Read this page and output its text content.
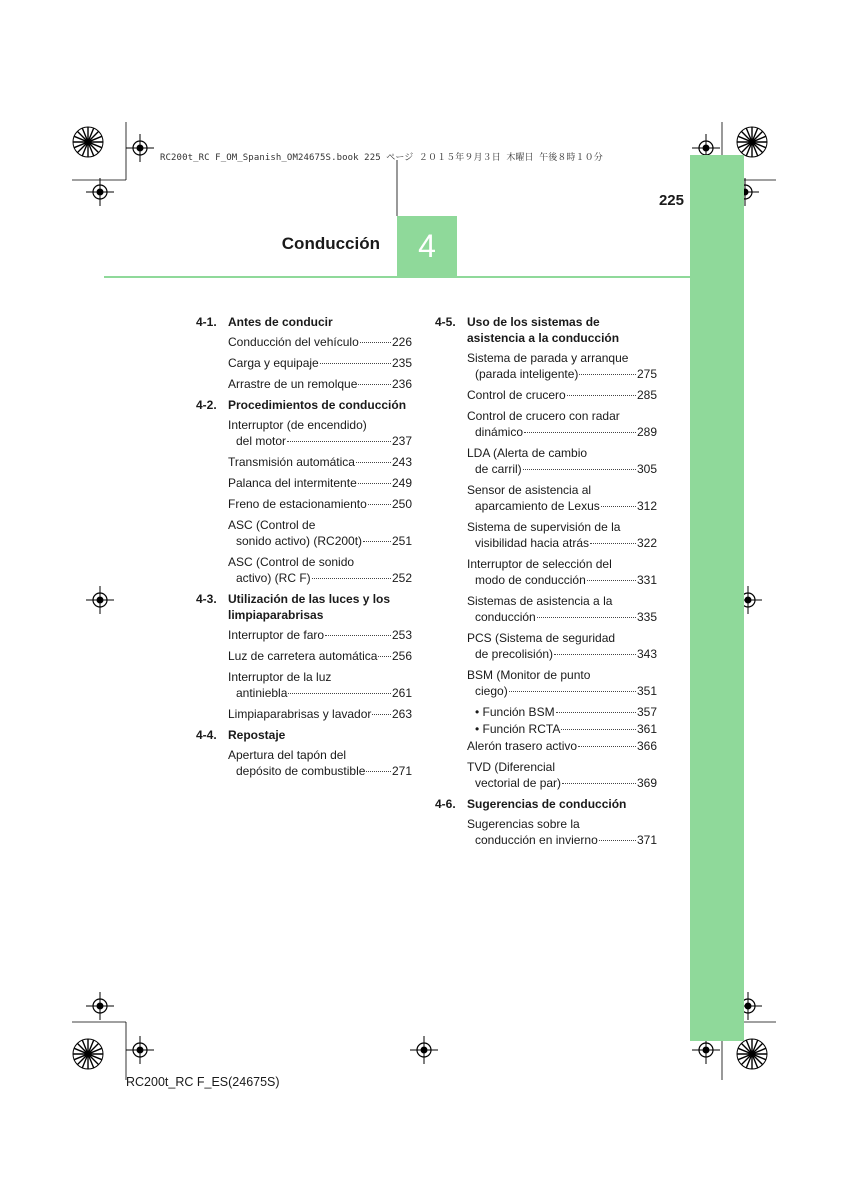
RC200t_RC F_OM_Spanish_OM24675S.book 225 ページ ２０１５年９月３日 木曜日 午後８時１０分
225
Conducción	4
4-1. Antes de conducir
Conducción del vehículo	226
Carga y equipaje	235
Arrastre de un remolque	236
4-2. Procedimientos de conducción
Interruptor (de encendido)
del motor	237
Transmisión automática	243
Palanca del intermitente	249
Freno de estacionamiento 250
ASC (Control de
sonido activo) (RC200t) 251
ASC (Control de sonido
activo) (RC F)	252
4-3. Utilización de las luces y los limpiaparabrisas
Interruptor de faro	253
Luz de carretera automática 256
Interruptor de la luz
antiniebla	261
Limpiaparabrisas y lavador 263
4-4. Repostaje
Apertura del tapón del
depósito de combustible 271
4-5. Uso de los sistemas de asistencia a la conducción
Sistema de parada y arranque
(parada inteligente)	275
Control de crucero	285
Control de crucero con radar
dinámico	289
LDA (Alerta de cambio
de carril)	305
Sensor de asistencia al
aparcamiento de Lexus	312
Sistema de supervisión de la
visibilidad hacia atrás	322
Interruptor de selección del
modo de conducción	331
Sistemas de asistencia a la
conducción	335
PCS (Sistema de seguridad
de precolisión)	343
BSM (Monitor de punto
ciego)	351
• Función BSM	357
• Función RCTA	361
Alerón trasero activo	366
TVD (Diferencial
vectorial de par)	369
4-6. Sugerencias de conducción
Sugerencias sobre la
conducción en invierno	371
RC200t_RC F_ES(24675S)
